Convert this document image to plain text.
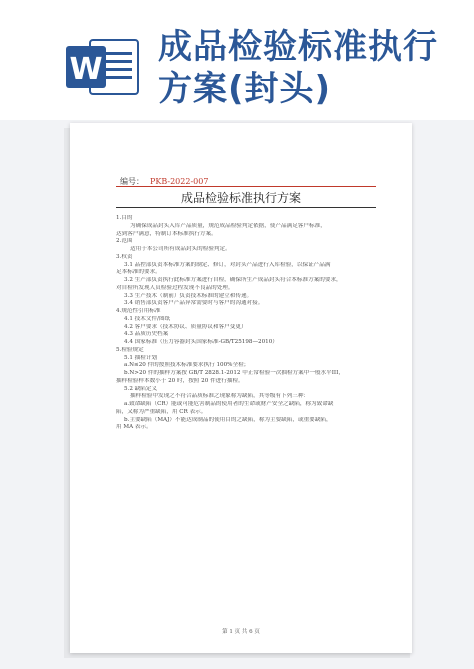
W
成品检验标准执行
方案(封头)
编号： PKB-2022-007
成品检验标准执行方案
1.目的
为确保成品封头入库产品质量，规范成品检验判定依据，使产品满足客户标准，
达到客户满意，特制订本标准执行方案。
2.范围
适用于本公司所有成品封头的检验判定。
3.权责
3.1 品控部负责本标准方案的制定、修订，对封头产品进行入库检验，以保证产品满
足本标准的要求。
3.2 生产部负责执行此标准方案进行自检，确保所生产成品封头符合本标准方案的要求，
对自检所发现人员检验过程发现不良品的处理。
3.3 生产技术（制前）负责技术标准的建立和传递。
3.4 销售部负责客户产品异常需要时与客户的沟通对接。
4.规范性引用标准
4.1 技术文件/图纸
4.2 客户要求（技术协议、质量协议和客户变更）
4.3 品质历史档案
4.4 国家标准（压力容器封头国家标准-GB/T25198—2010）
5.检验规定
5.1 抽检计划
a.N≤20 件的按照技术标准要求执行 100%全检；
b.N>20 件的抽样方案按 GB/T 2828.1-2012 中正常检验一次抽检方案中一般水平III，
抽样检验样本数小于 20 时，按照 20 件进行抽检。
5.2 缺陷定义
抽样检验中发现之不符合品质标准之现象称为缺陷，其等级有下列三种：
a.致命缺陷（CR）能或可能危害制品的使用者的生命或财产安全之缺陷，称为致命缺
陷，又称为严重缺陷，用 CR 表示。
b.主要缺陷（MAJ）不能达成制品的使用目的之缺陷，称为主要缺陷，或重要缺陷，
用 MA 表示。
第 1 页 共 6 页
